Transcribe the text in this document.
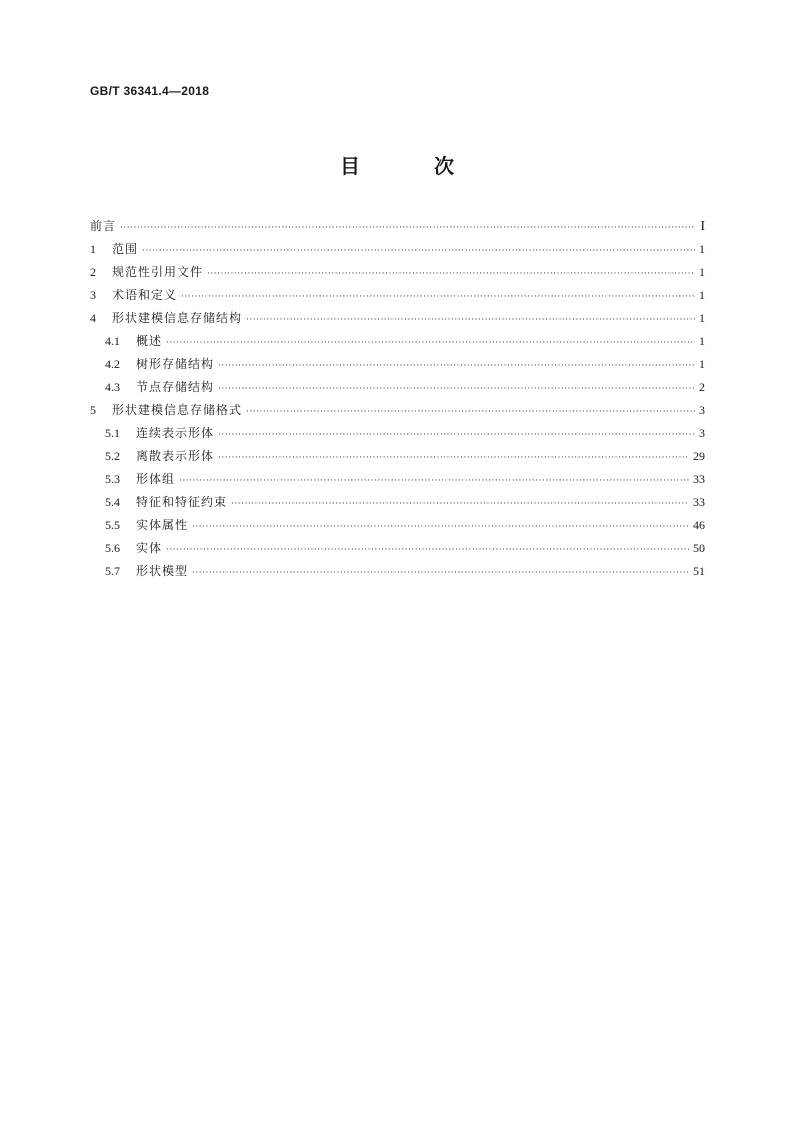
GB/T 36341.4—2018
目  次
前言 ·····	I
1	范围 ·····	1
2	规范性引用文件 ·····	1
3	术语和定义 ·····	1
4	形状建模信息存储结构 ·····	1
4.1	概述 ·····	1
4.2	树形存储结构 ·····	1
4.3	节点存储结构 ·····	2
5	形状建模信息存储格式 ·····	3
5.1	连续表示形体 ·····	3
5.2	离散表示形体 ·····	29
5.3	形体组 ·····	33
5.4	特征和特征约束 ·····	33
5.5	实体属性 ·····	46
5.6	实体 ·····	50
5.7	形状模型 ·····	51
